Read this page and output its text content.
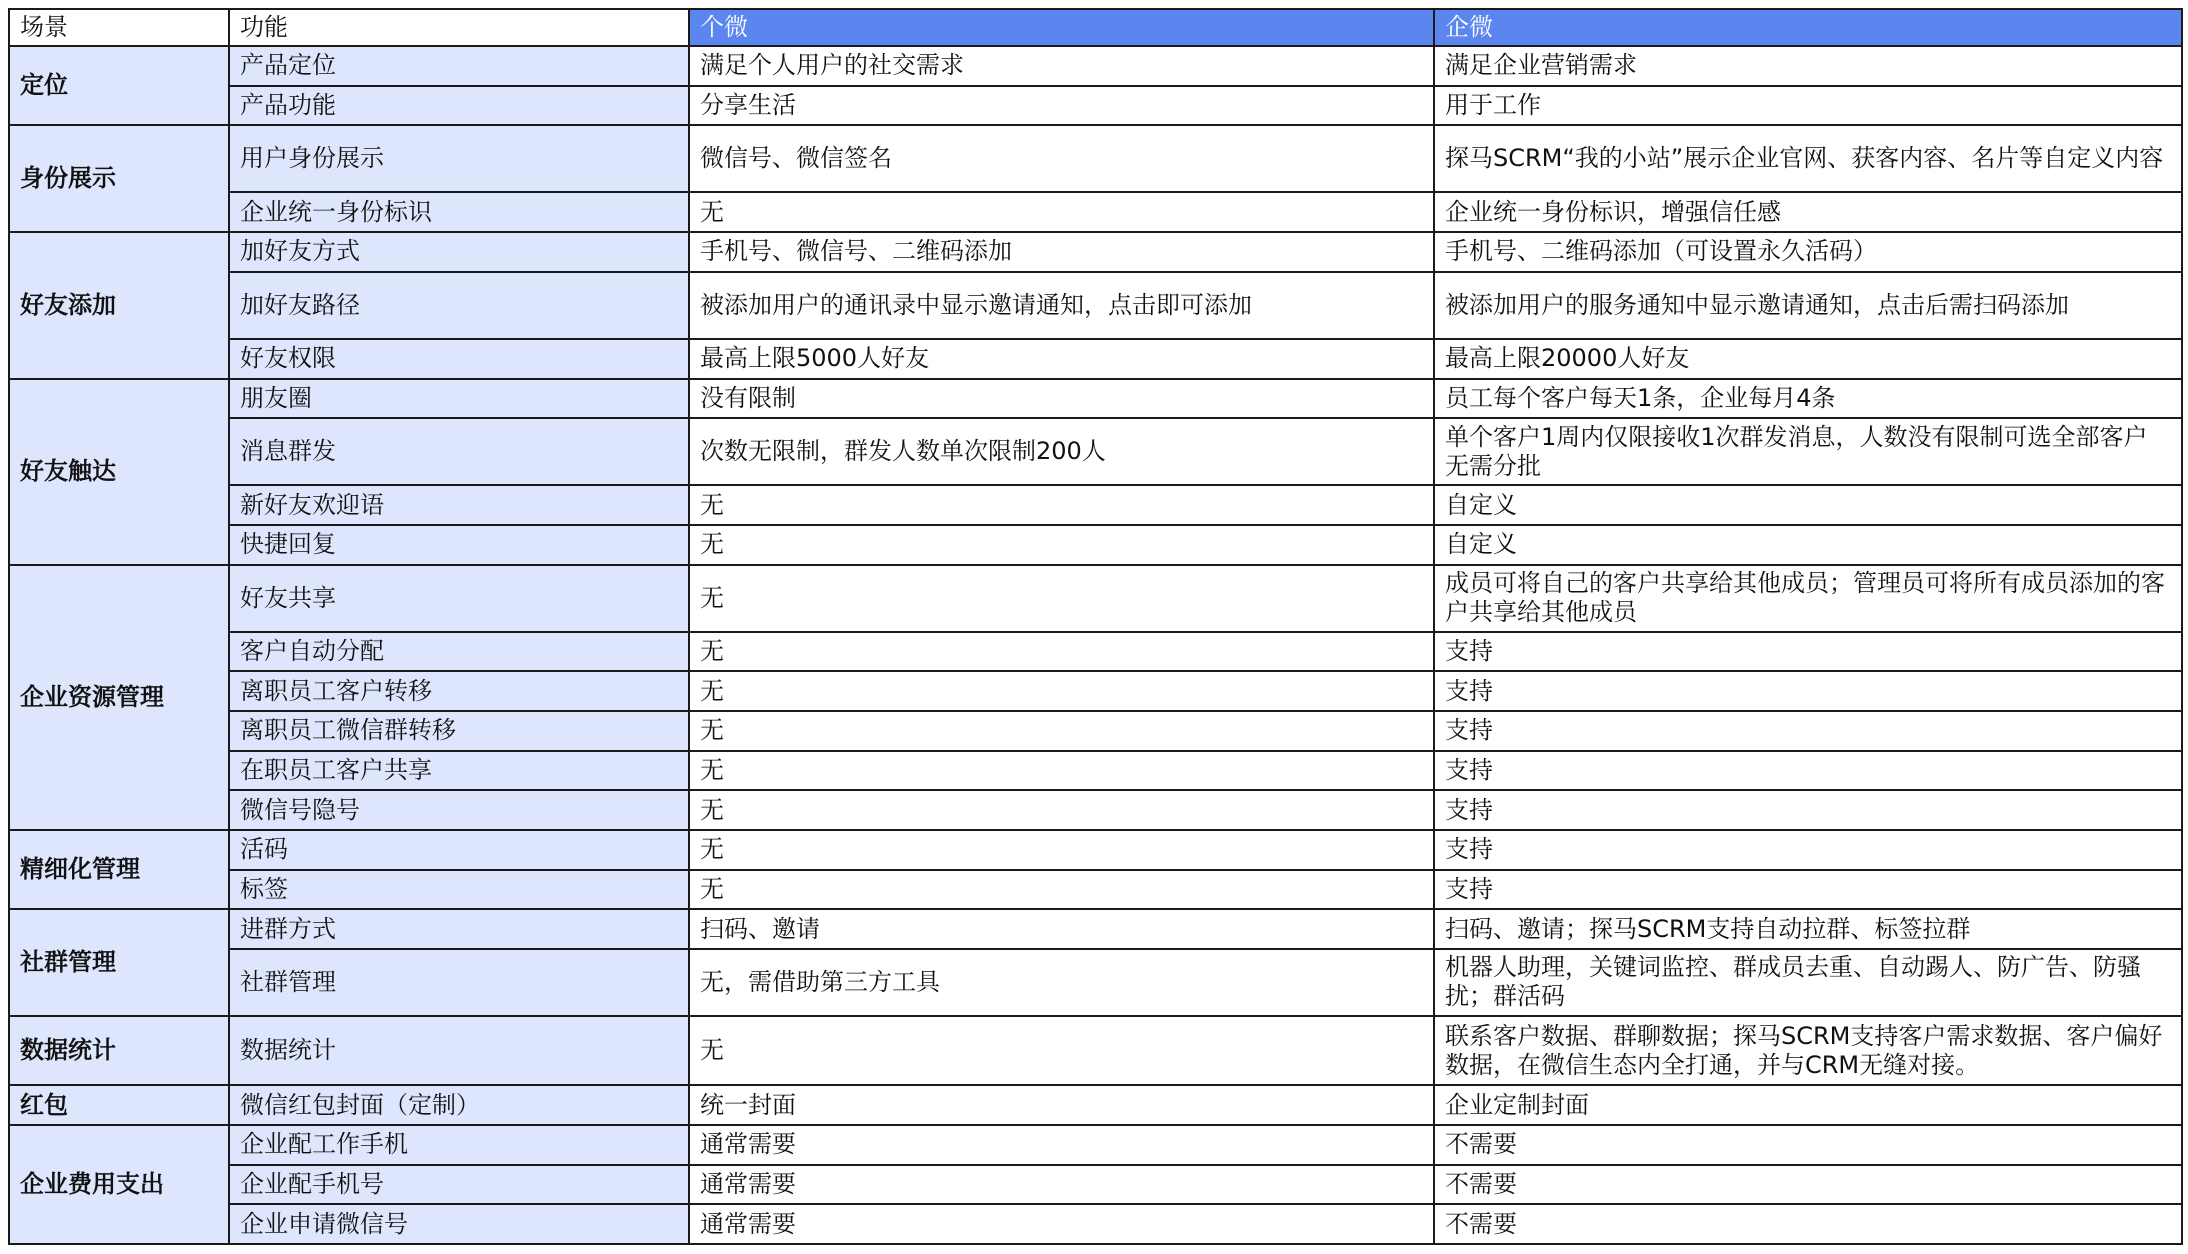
场景	功能	个微	企微
定位	产品定位	满足个人用户的社交需求	满足企业营销需求
	产品功能	分享生活	用于工作
身份展示	用户身份展示	微信号、微信签名	探马SCRM“我的小站”展示企业官网、获客内容、名片等自定义内容
	企业统一身份标识	无	企业统一身份标识，增强信任感
好友添加	加好友方式	手机号、微信号、二维码添加	手机号、二维码添加（可设置永久活码）
	加好友路径	被添加用户的通讯录中显示邀请通知，点击即可添加	被添加用户的服务通知中显示邀请通知，点击后需扫码添加
	好友权限	最高上限5000人好友	最高上限20000人好友
好友触达	朋友圈	没有限制	员工每个客户每天1条，企业每月4条
	消息群发	次数无限制，群发人数单次限制200人	单个客户1周内仅限接收1次群发消息，人数没有限制可选全部客户无需分批
	新好友欢迎语	无	自定义
	快捷回复	无	自定义
企业资源管理	好友共享	无	成员可将自己的客户共享给其他成员；管理员可将所有成员添加的客户共享给其他成员
	客户自动分配	无	支持
	离职员工客户转移	无	支持
	离职员工微信群转移	无	支持
	在职员工客户共享	无	支持
	微信号隐号	无	支持
精细化管理	活码	无	支持
	标签	无	支持
社群管理	进群方式	扫码、邀请	扫码、邀请；探马SCRM支持自动拉群、标签拉群
	社群管理	无，需借助第三方工具	机器人助理，关键词监控、群成员去重、自动踢人、防广告、防骚扰；群活码
数据统计	数据统计	无	联系客户数据、群聊数据；探马SCRM支持客户需求数据、客户偏好数据，在微信生态内全打通，并与CRM无缝对接。
红包	微信红包封面（定制）	统一封面	企业定制封面
企业费用支出	企业配工作手机	通常需要	不需要
	企业配手机号	通常需要	不需要
	企业申请微信号	通常需要	不需要
